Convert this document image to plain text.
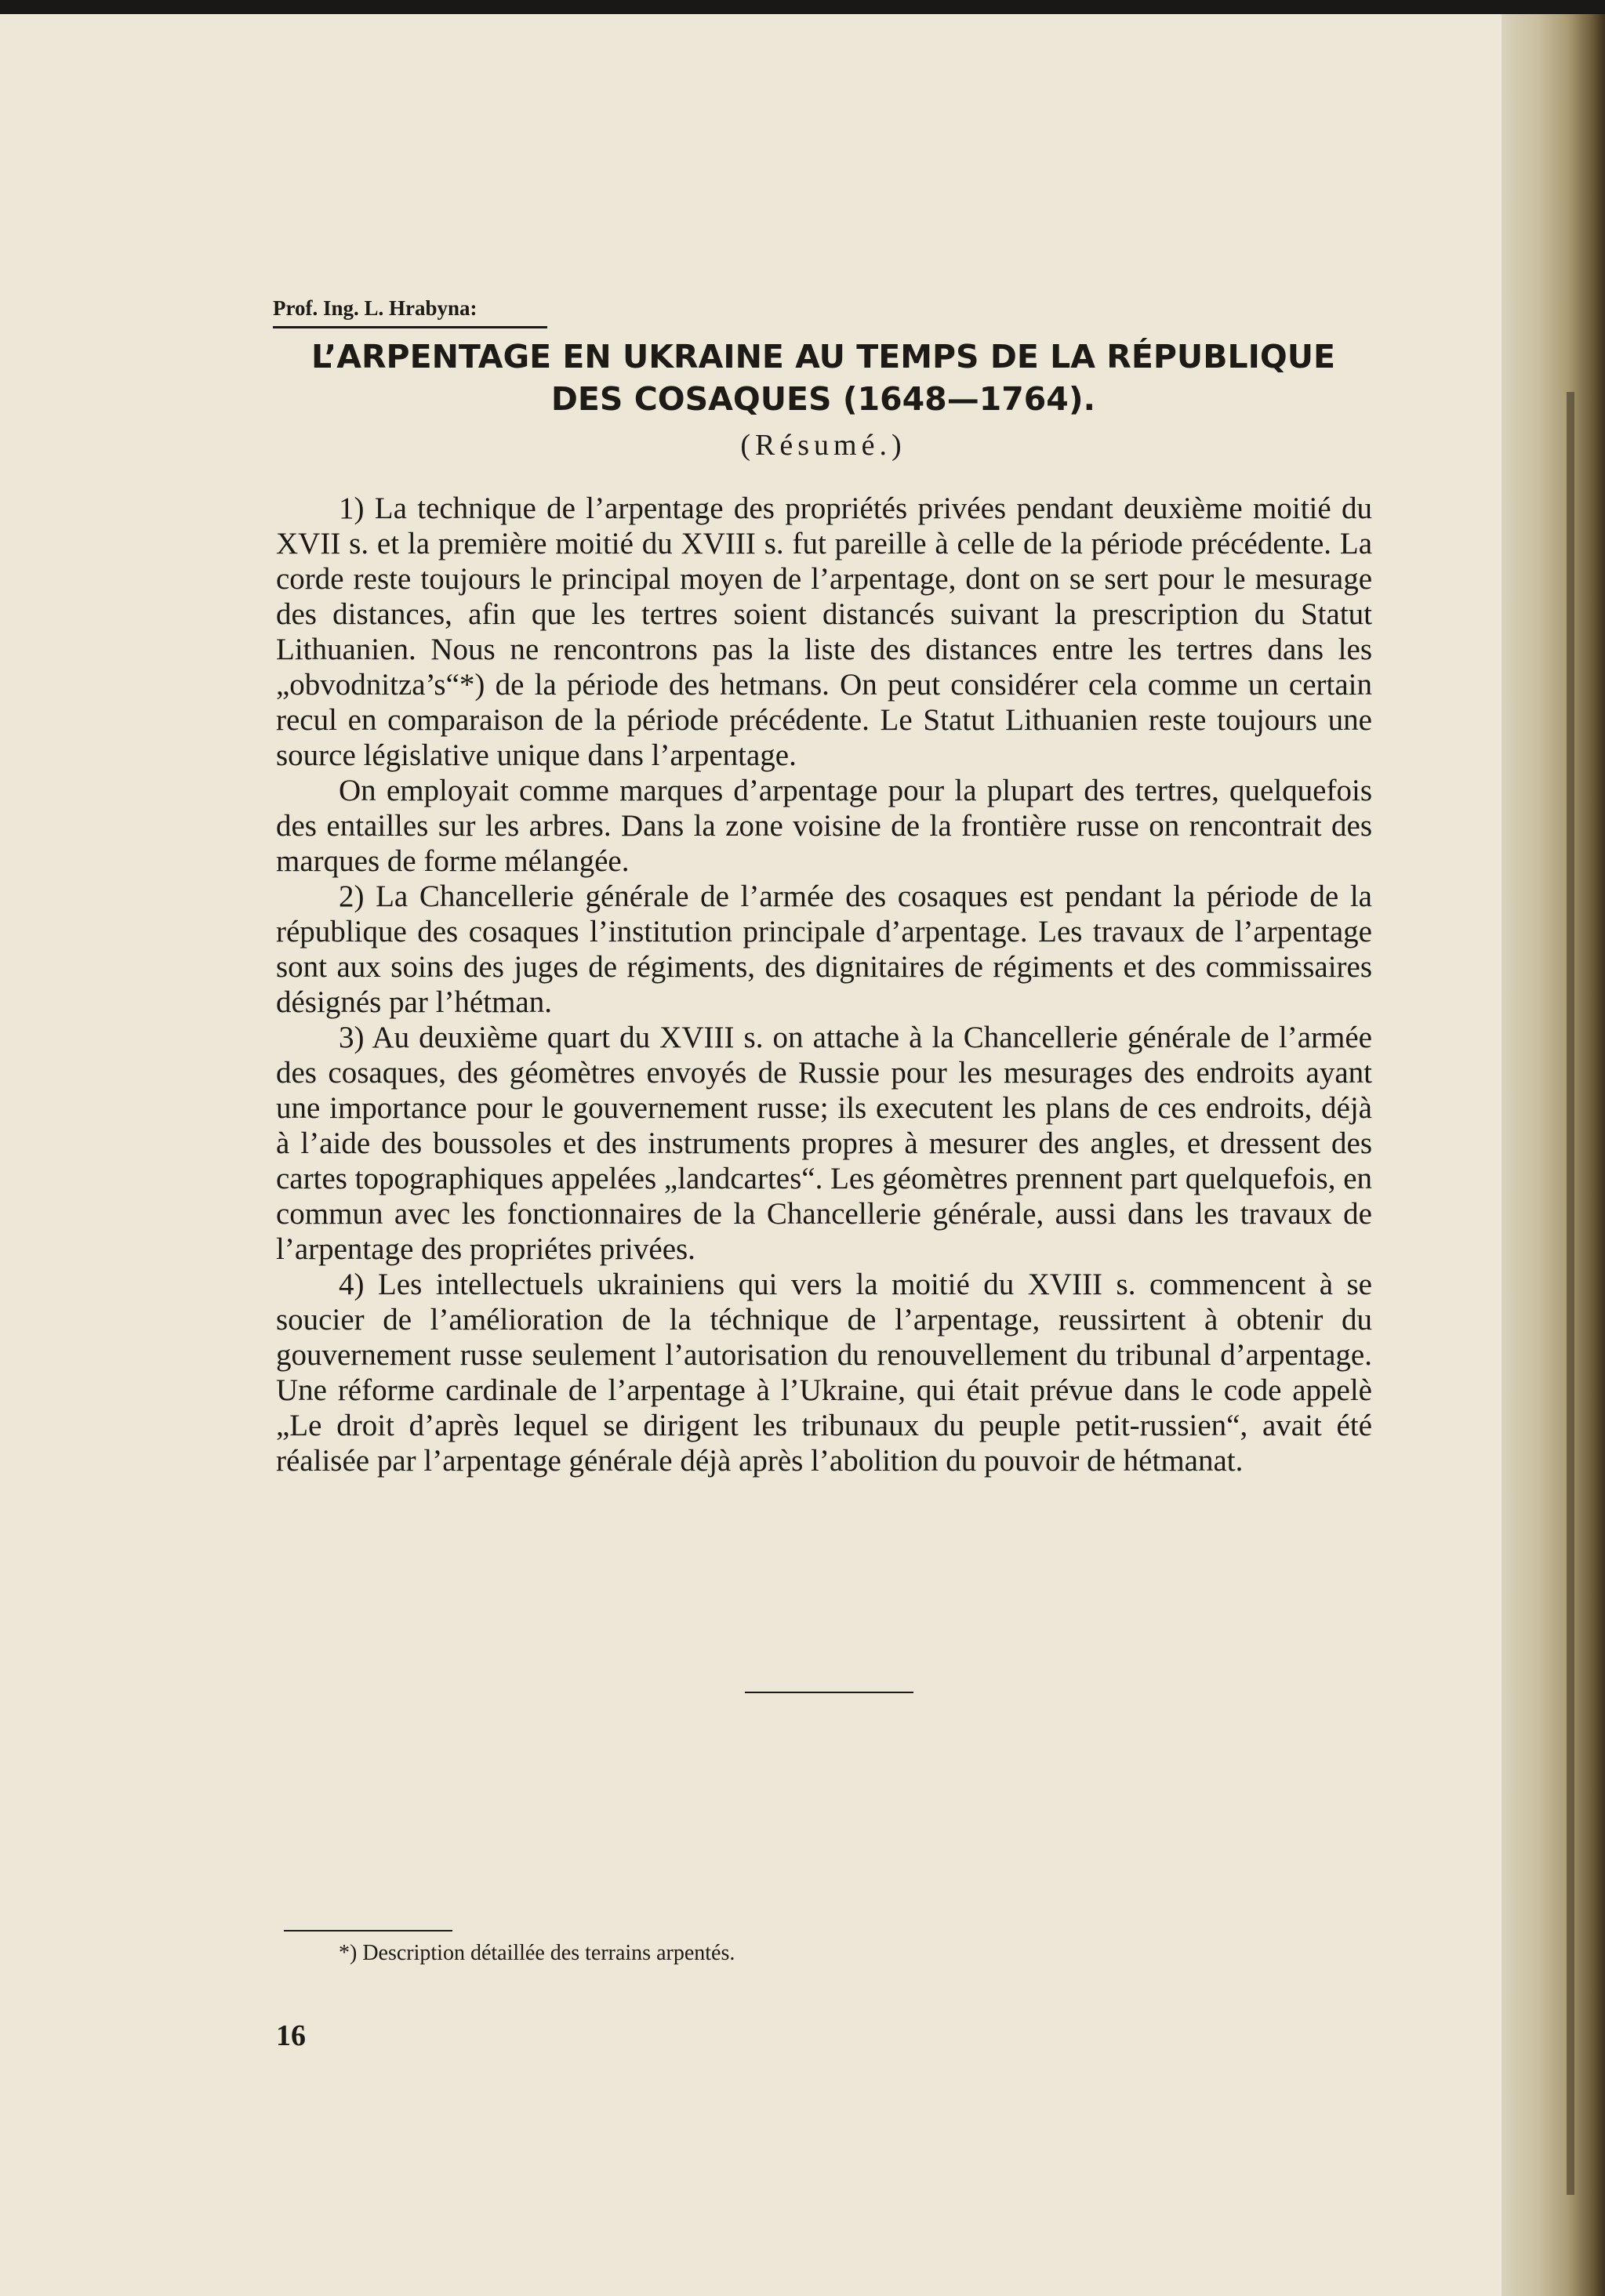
Prof. Ing. L. Hrabyna:
L’ARPENTAGE EN UKRAINE AU TEMPS DE LA RÉPUBLIQUE
DES COSAQUES (1648—1764).
(Résumé.)

1) La technique de l’arpentage des propriétés privées pendant deuxième moitié du XVII s. et la première moitié du XVIII s. fut pareille à celle de la période précédente. La corde reste toujours le principal moyen de l’arpentage, dont on se sert pour le mesurage des distances, afin que les tertres soient distancés suivant la prescription du Statut Lithuanien. Nous ne rencontrons pas la liste des distances entre les tertres dans les „obvodnitza’s“*) de la période des hetmans. On peut considérer cela comme un certain recul en comparaison de la période précédente. Le Statut Lithuanien reste toujours une source législative unique dans l’arpentage.

On employait comme marques d’arpentage pour la plupart des tertres, quelquefois des entailles sur les arbres. Dans la zone voisine de la frontière russe on rencontrait des marques de forme mélangée.

2) La Chancellerie générale de l’armée des cosaques est pendant la période de la république des cosaques l’institution principale d’arpentage. Les travaux de l’arpentage sont aux soins des juges de régiments, des dignitaires de régiments et des commissaires désignés par l’hétman.

3) Au deuxième quart du XVIII s. on attache à la Chancellerie générale de l’armée des cosaques, des géomètres envoyés de Russie pour les mesurages des endroits ayant une importance pour le gouvernement russe; ils executent les plans de ces endroits, déjà à l’aide des boussoles et des instruments propres à mesurer des angles, et dressent des cartes topographiques appelées „landcartes“. Les géomètres prennent part quelquefois, en commun avec les fonctionnaires de la Chancellerie générale, aussi dans les travaux de l’arpentage des propriétes privées.

4) Les intellectuels ukrainiens qui vers la moitié du XVIII s. commencent à se soucier de l’amélioration de la téchnique de l’arpentage, reussirtent à obtenir du gouvernement russe seulement l’autorisation du renouvellement du tribunal d’arpentage. Une réforme cardinale de l’arpentage à l’Ukraine, qui était prévue dans le code appelè „Le droit d’après lequel se dirigent les tribunaux du peuple petit-russien“, avait été réalisée par l’arpentage générale déjà après l’abolition du pouvoir de hétmanat.

*) Description détaillée des terrains arpentés.
16
